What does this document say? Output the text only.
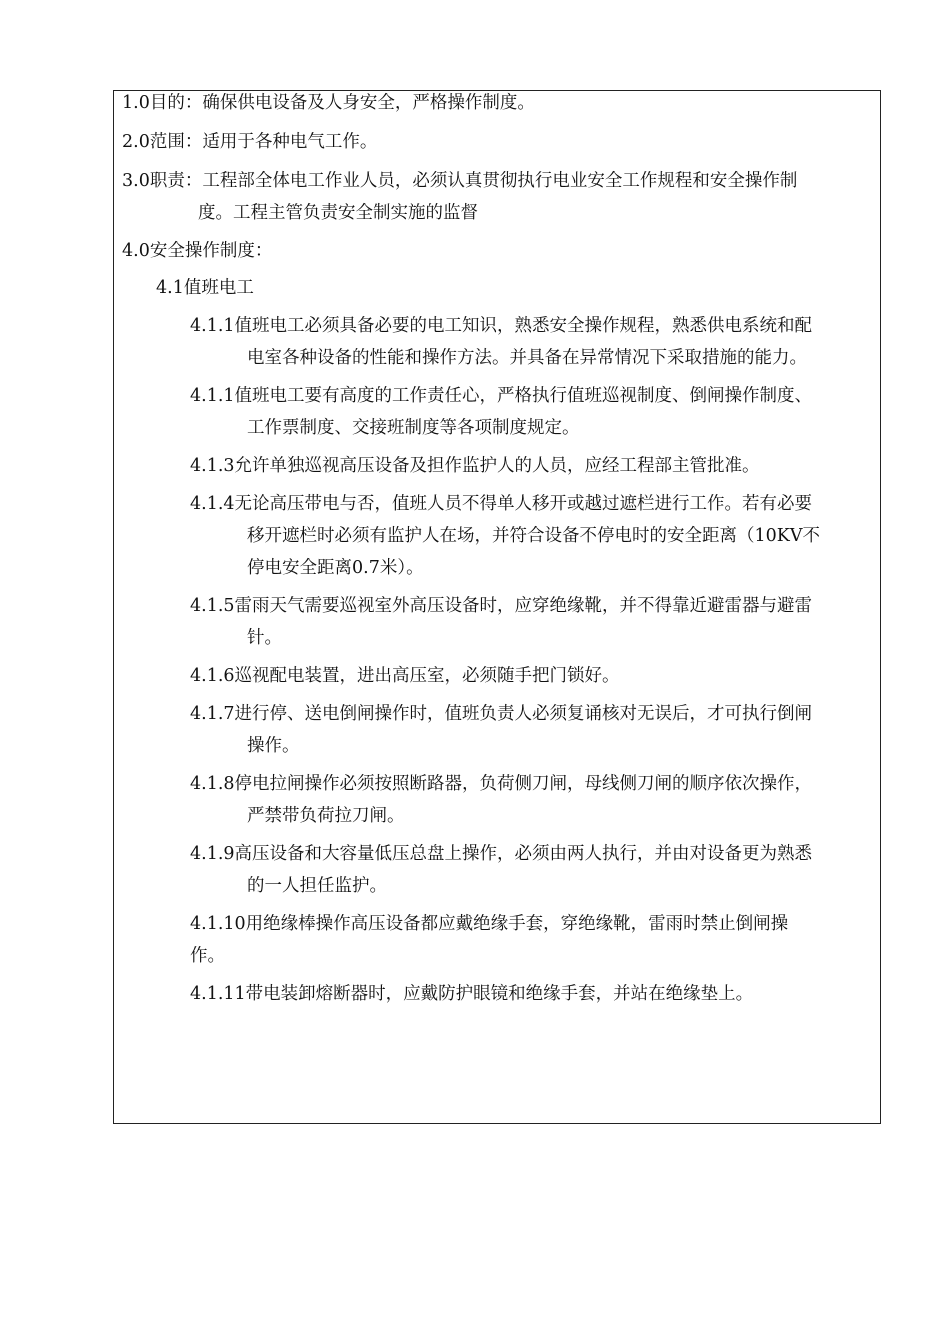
1.0目的：确保供电设备及人身安全，严格操作制度。
2.0范围：适用于各种电气工作。
3.0职责：工程部全体电工作业人员，必须认真贯彻执行电业安全工作规程和安全操作制
度。工程主管负责安全制实施的监督
4.0安全操作制度：
4.1值班电工
4.1.1值班电工必须具备必要的电工知识，熟悉安全操作规程，熟悉供电系统和配
电室各种设备的性能和操作方法。并具备在异常情况下采取措施的能力。
4.1.1值班电工要有高度的工作责任心，严格执行值班巡视制度、倒闸操作制度、
工作票制度、交接班制度等各项制度规定。
4.1.3允许单独巡视高压设备及担作监护人的人员，应经工程部主管批准。
4.1.4无论高压带电与否，值班人员不得单人移开或越过遮栏进行工作。若有必要
移开遮栏时必须有监护人在场，并符合设备不停电时的安全距离（10KV不
停电安全距离0.7米）。
4.1.5雷雨天气需要巡视室外高压设备时，应穿绝缘靴，并不得靠近避雷器与避雷
针。
4.1.6巡视配电装置，进出高压室，必须随手把门锁好。
4.1.7进行停、送电倒闸操作时，值班负责人必须复诵核对无误后，才可执行倒闸
操作。
4.1.8停电拉闸操作必须按照断路器，负荷侧刀闸，母线侧刀闸的顺序依次操作，
严禁带负荷拉刀闸。
4.1.9高压设备和大容量低压总盘上操作，必须由两人执行，并由对设备更为熟悉
的一人担任监护。
4.1.10用绝缘棒操作高压设备都应戴绝缘手套，穿绝缘靴，雷雨时禁止倒闸操
作。
4.1.11带电装卸熔断器时，应戴防护眼镜和绝缘手套，并站在绝缘垫上。
